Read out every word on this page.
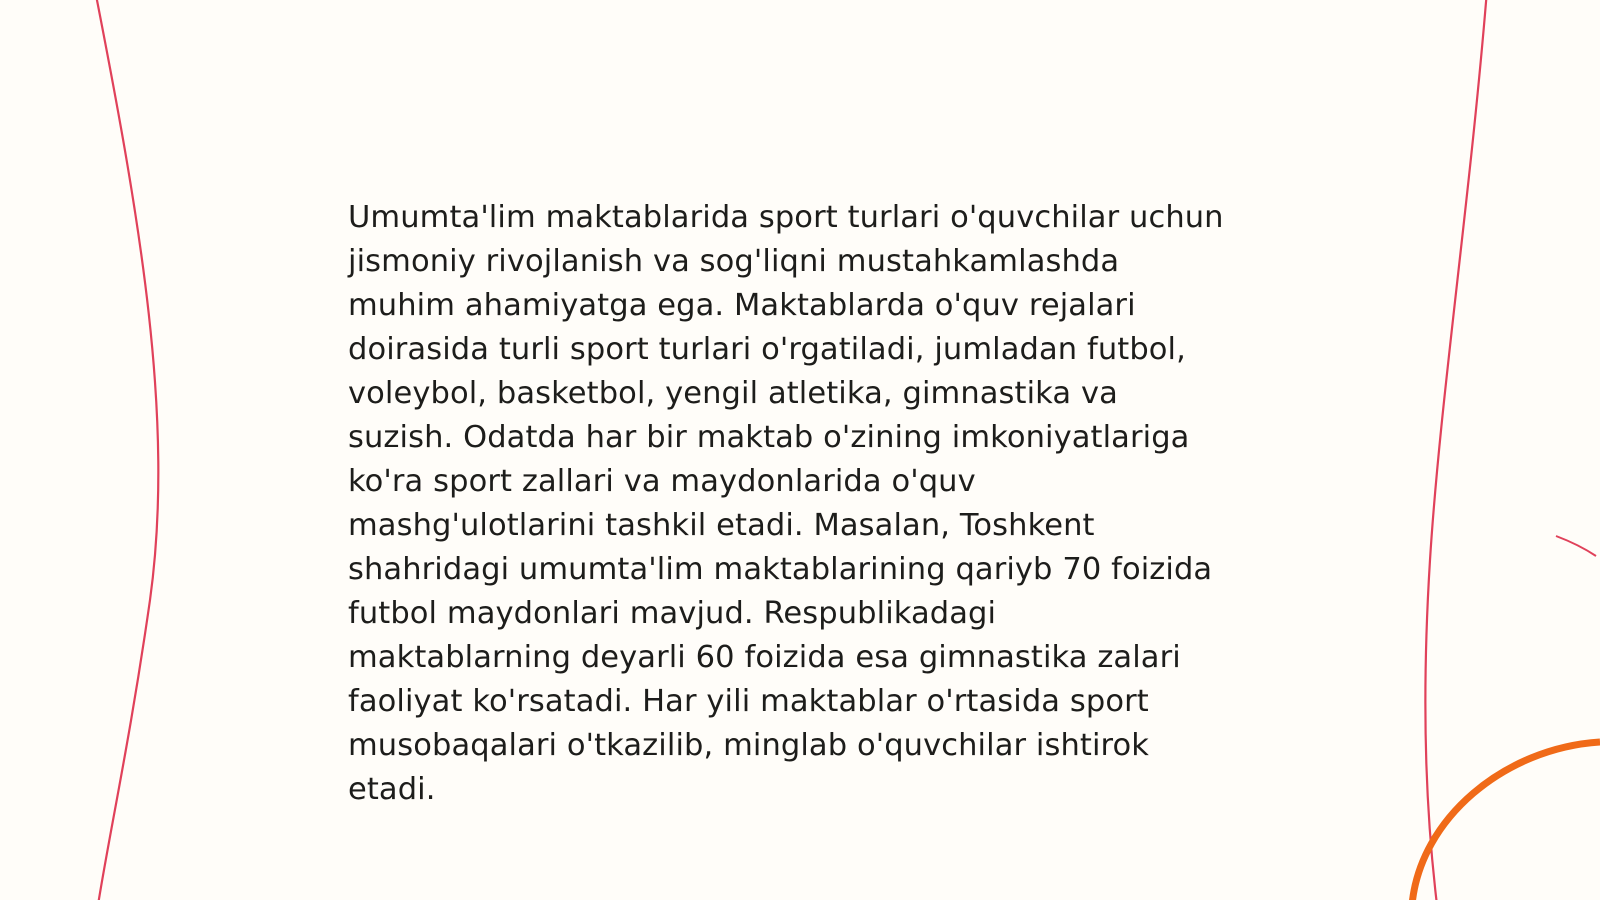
Umumta'lim maktablarida sport turlari o'quvchilar uchun jismoniy rivojlanish va sog'liqni mustahkamlashda muhim ahamiyatga ega. Maktablarda o'quv rejalari doirasida turli sport turlari o'rgatiladi, jumladan futbol, voleybol, basketbol, yengil atletika, gimnastika va suzish. Odatda har bir maktab o'zining imkoniyatlariga ko'ra sport zallari va maydonlarida o'quv mashg'ulotlarini tashkil etadi. Masalan, Toshkent shahridagi umumta'lim maktablarining qariyb 70 foizida futbol maydonlari mavjud. Respublikadagi maktablarning deyarli 60 foizida esa gimnastika zalari faoliyat ko'rsatadi. Har yili maktablar o'rtasida sport musobaqalari o'tkazilib, minglab o'quvchilar ishtirok etadi.
